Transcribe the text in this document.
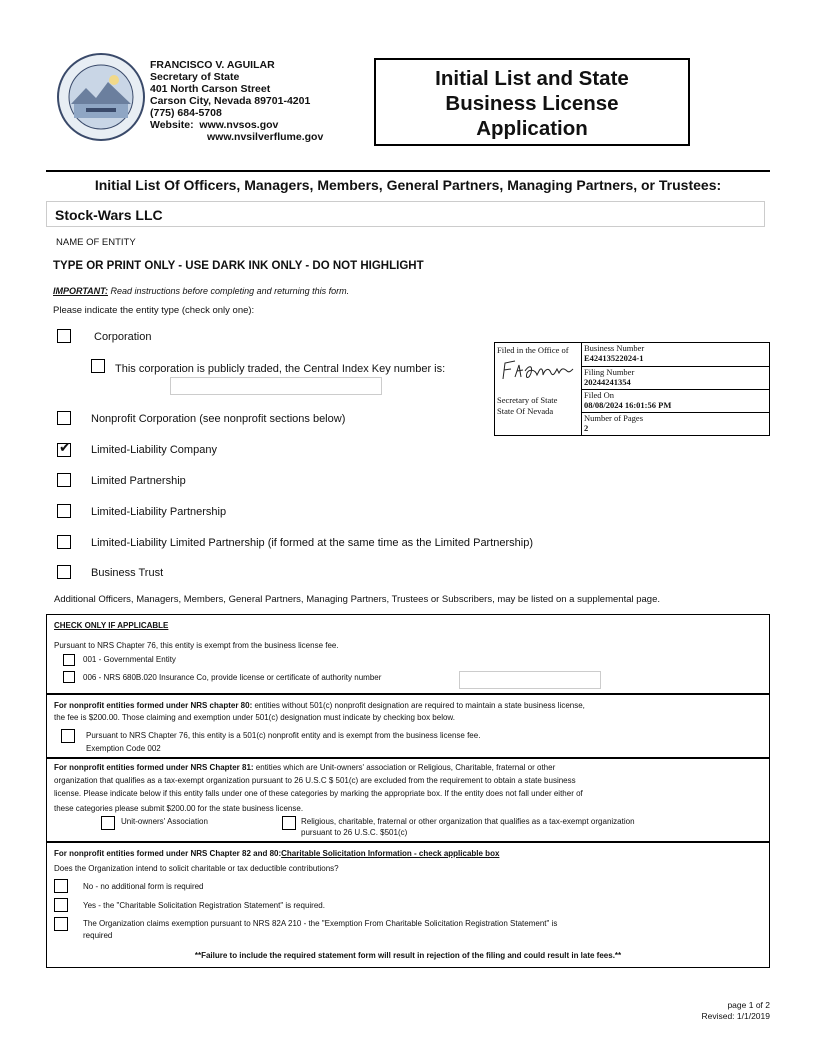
FRANCISCO V. AGUILAR
Secretary of State
401 North Carson Street
Carson City, Nevada 89701-4201
(775) 684-5708
Website:  www.nvsos.gov
www.nvsilverflume.gov
Initial List and State
Business License
Application
Initial List Of Officers, Managers, Members, General Partners, Managing Partners, or Trustees:
Stock-Wars LLC
NAME OF ENTITY
TYPE OR PRINT ONLY - USE DARK INK ONLY - DO NOT HIGHLIGHT
IMPORTANT: Read instructions before completing and returning this form.
Please indicate the entity type (check only one):
Corporation
This corporation is publicly traded, the Central Index Key number is:
Nonprofit Corporation (see nonprofit sections below)
✔ Limited-Liability Company
Limited Partnership
Limited-Liability Partnership
Limited-Liability Limited Partnership (if formed at the same time as the Limited Partnership)
Business Trust
Filed in the Office of
Secretary of State
State Of Nevada
Business Number
E42413522024-1
Filing Number
20244241354
Filed On
08/08/2024 16:01:56 PM
Number of Pages
2
Additional Officers, Managers, Members, General Partners, Managing Partners, Trustees or Subscribers, may be listed on a supplemental page.
CHECK ONLY IF APPLICABLE
Pursuant to NRS Chapter 76, this entity is exempt from the business license fee.
001 - Governmental Entity
006 - NRS 680B.020 Insurance Co, provide license or certificate of authority number
For nonprofit entities formed under NRS chapter 80: entities without 501(c) nonprofit designation are required to maintain a state business license,
the fee is $200.00. Those claiming and exemption under 501(c) designation must indicate by checking box below.
Pursuant to NRS Chapter 76, this entity is a 501(c) nonprofit entity and is exempt from the business license fee.
Exemption Code 002
For nonprofit entities formed under NRS Chapter 81: entities which are Unit-owners' association or Religious, Charitable, fraternal or other
organization that qualifies as a tax-exempt organization pursuant to 26 U.S.C $ 501(c) are excluded from the requirement to obtain a state business
license. Please indicate below if this entity falls under one of these categories by marking the appropriate box. If the entity does not fall under either of
these categories please submit $200.00 for the state business license.
Unit-owners' Association	Religious, charitable, fraternal or other organization that qualifies as a tax-exempt organization
pursuant to 26 U.S.C. $501(c)
For nonprofit entities formed under NRS Chapter 82 and 80:Charitable Solicitation Information - check applicable box
Does the Organization intend to solicit charitable or tax deductible contributions?
No - no additional form is required
Yes - the "Charitable Solicitation Registration Statement" is required.
The Organization claims exemption pursuant to NRS 82A 210 - the "Exemption From Charitable Solicitation Registration Statement" is
required
**Failure to include the required statement form will result in rejection of the filing and could result in late fees.**
page 1 of 2
Revised: 1/1/2019
